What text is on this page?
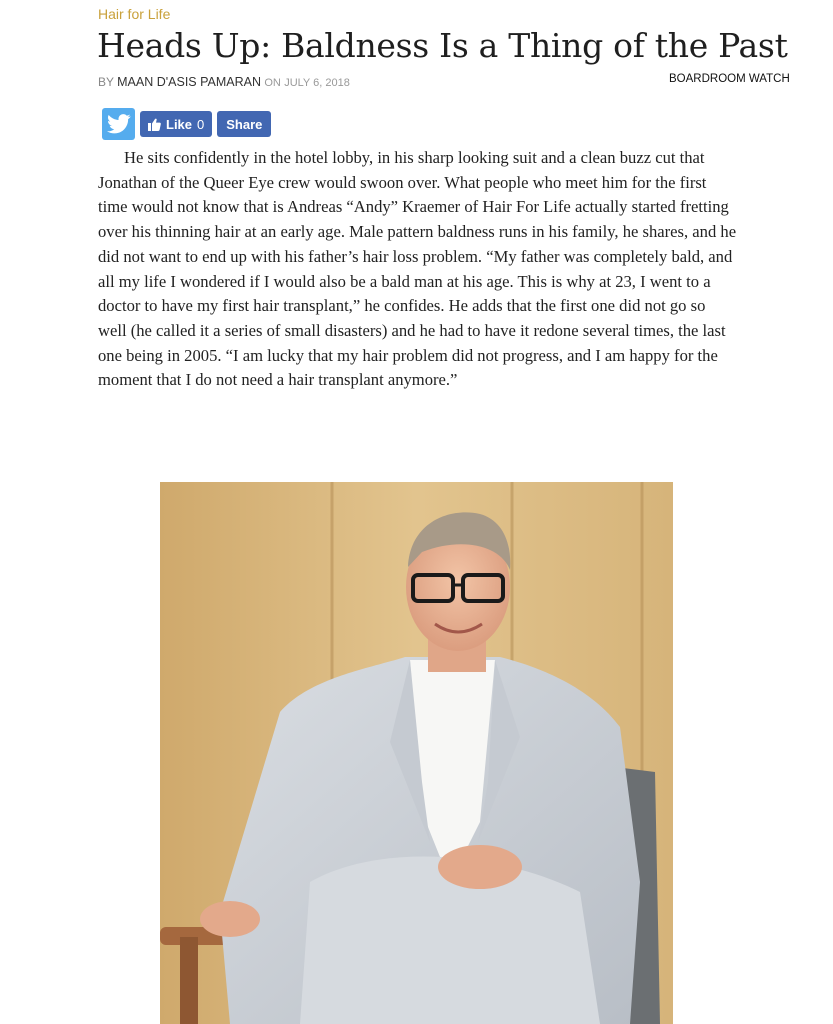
Hair for Life
Heads Up: Baldness Is a Thing of the Past
BY MAAN D'ASIS PAMARAN ON JULY 6, 2018	BOARDROOM WATCH
Like 0 Share

He sits confidently in the hotel lobby, in his sharp looking suit and a clean buzz cut that Jonathan of the Queer Eye crew would swoon over. What people who meet him for the first time would not know that is Andreas “Andy” Kraemer of Hair For Life actually started fretting over his thinning hair at an early age. Male pattern baldness runs in his family, he shares, and he did not want to end up with his father’s hair loss problem. “My father was completely bald, and all my life I wondered if I would also be a bald man at his age. This is why at 23, I went to a doctor to have my first hair transplant,” he confides. He adds that the first one did not go so well (he called it a series of small disasters) and he had to have it redone several times, the last one being in 2005. “I am lucky that my hair problem did not progress, and I am happy for the moment that I do not need a hair transplant anymore.”
